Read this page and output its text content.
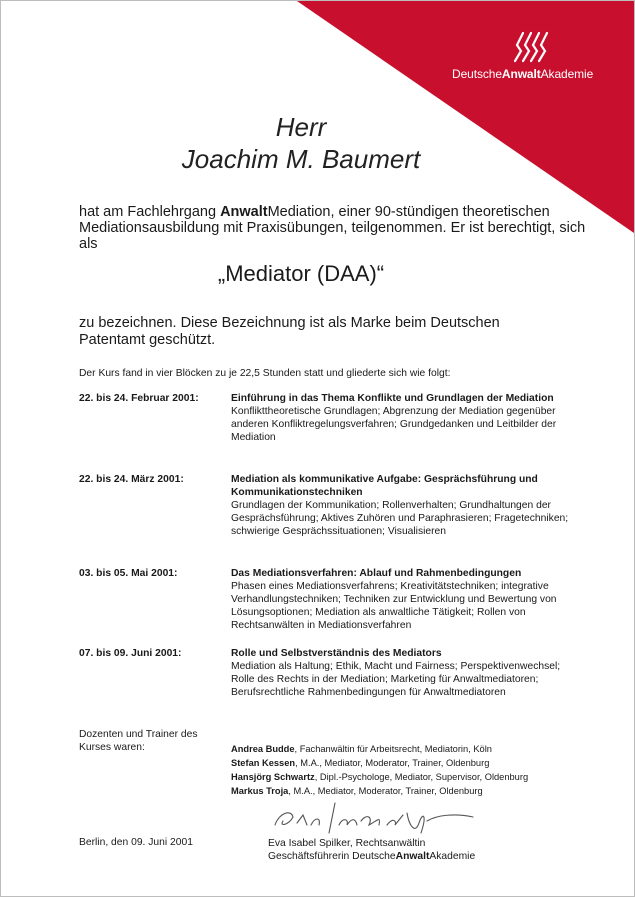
DeutscheAnwaltAkademie
Herr
Joachim M. Baumert
hat am Fachlehrgang AnwaltMediation, einer 90-stündigen theoretischen Mediationsausbildung mit Praxisübungen, teilgenommen. Er ist berechtigt, sich als
„Mediator (DAA)“
zu bezeichnen. Diese Bezeichnung ist als Marke beim Deutschen Patentamt geschützt.
Der Kurs fand in vier Blöcken zu je 22,5 Stunden statt und gliederte sich wie folgt:
22. bis 24. Februar 2001:	Einführung in das Thema Konflikte und Grundlagen der Mediation
Konflikttheoretische Grundlagen; Abgrenzung der Mediation gegenüber anderen Konfliktregelungsverfahren; Grundgedanken und Leitbilder der Mediation
22. bis 24. März 2001:	Mediation als kommunikative Aufgabe: Gesprächsführung und Kommunikationstechniken
Grundlagen der Kommunikation; Rollenverhalten; Grundhaltungen der Gesprächsführung; Aktives Zuhören und Paraphrasieren; Fragetechniken; schwierige Gesprächssituationen; Visualisieren
03. bis 05. Mai 2001:	Das Mediationsverfahren: Ablauf und Rahmenbedingungen
Phasen eines Mediationsverfahrens; Kreativitätstechniken; integrative Verhandlungstechniken; Techniken zur Entwicklung und Bewertung von Lösungsoptionen; Mediation als anwaltliche Tätigkeit; Rollen von Rechtsanwälten in Mediationsverfahren
07. bis 09. Juni 2001:	Rolle und Selbstverständnis des Mediators
Mediation als Haltung; Ethik, Macht und Fairness; Perspektivenwechsel; Rolle des Rechts in der Mediation; Marketing für Anwaltmediatoren; Berufsrechtliche Rahmenbedingungen für Anwaltmediatoren
Dozenten und Trainer des Kurses waren:	Andrea Budde, Fachanwältin für Arbeitsrecht, Mediatorin, Köln
Stefan Kessen, M.A., Mediator, Moderator, Trainer, Oldenburg
Hansjörg Schwartz, Dipl.-Psychologe, Mediator, Supervisor, Oldenburg
Markus Troja, M.A., Mediator, Moderator, Trainer, Oldenburg
Berlin, den 09. Juni 2001	Eva Isabel Spilker, Rechtsanwältin
Geschäftsführerin DeutscheAnwaltAkademie
